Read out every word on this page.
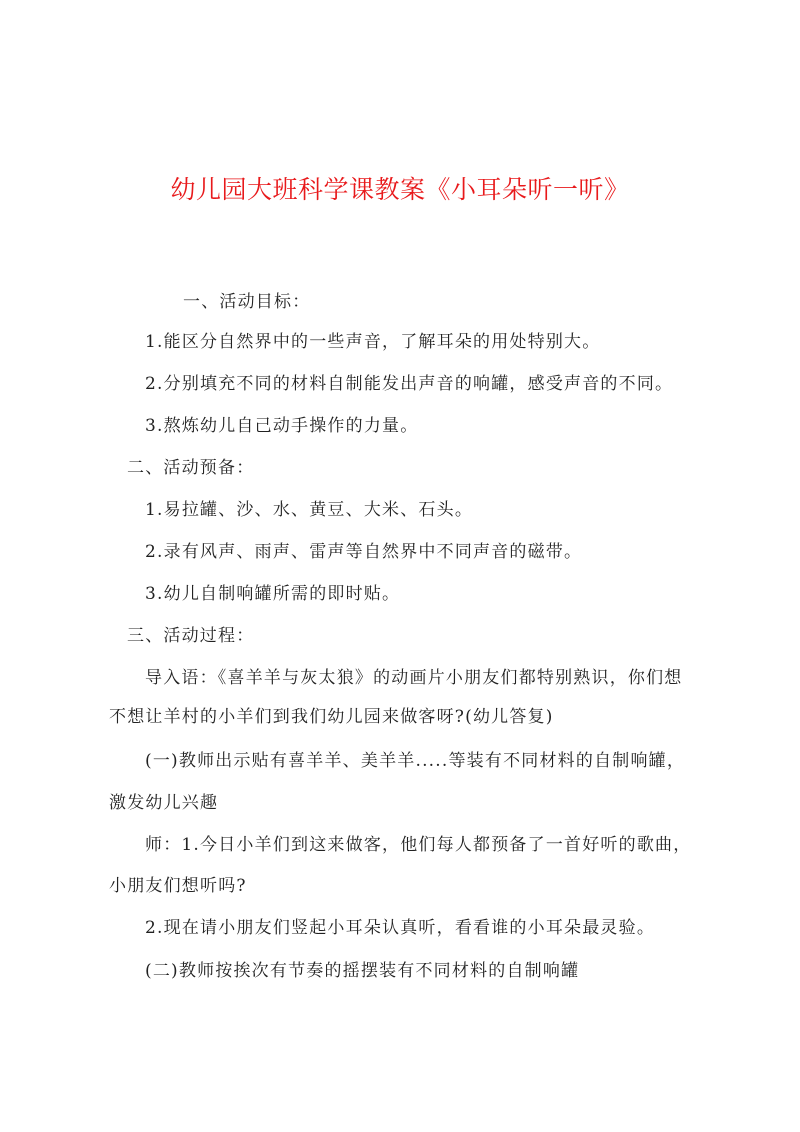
幼儿园大班科学课教案《小耳朵听一听》
一、活动目标：
1.能区分自然界中的一些声音，了解耳朵的用处特别大。
2.分别填充不同的材料自制能发出声音的响罐，感受声音的不同。
3.熬炼幼儿自己动手操作的力量。
二、活动预备：
1.易拉罐、沙、水、黄豆、大米、石头。
2.录有风声、雨声、雷声等自然界中不同声音的磁带。
3.幼儿自制响罐所需的即时贴。
三、活动过程：
导入语：《喜羊羊与灰太狼》的动画片小朋友们都特别熟识，你们想
不想让羊村的小羊们到我们幼儿园来做客呀?(幼儿答复)
(一)教师出示贴有喜羊羊、美羊羊.....等装有不同材料的自制响罐，
激发幼儿兴趣
师：1.今日小羊们到这来做客，他们每人都预备了一首好听的歌曲，
小朋友们想听吗?
2.现在请小朋友们竖起小耳朵认真听，看看谁的小耳朵最灵验。
(二)教师按挨次有节奏的摇摆装有不同材料的自制响罐
